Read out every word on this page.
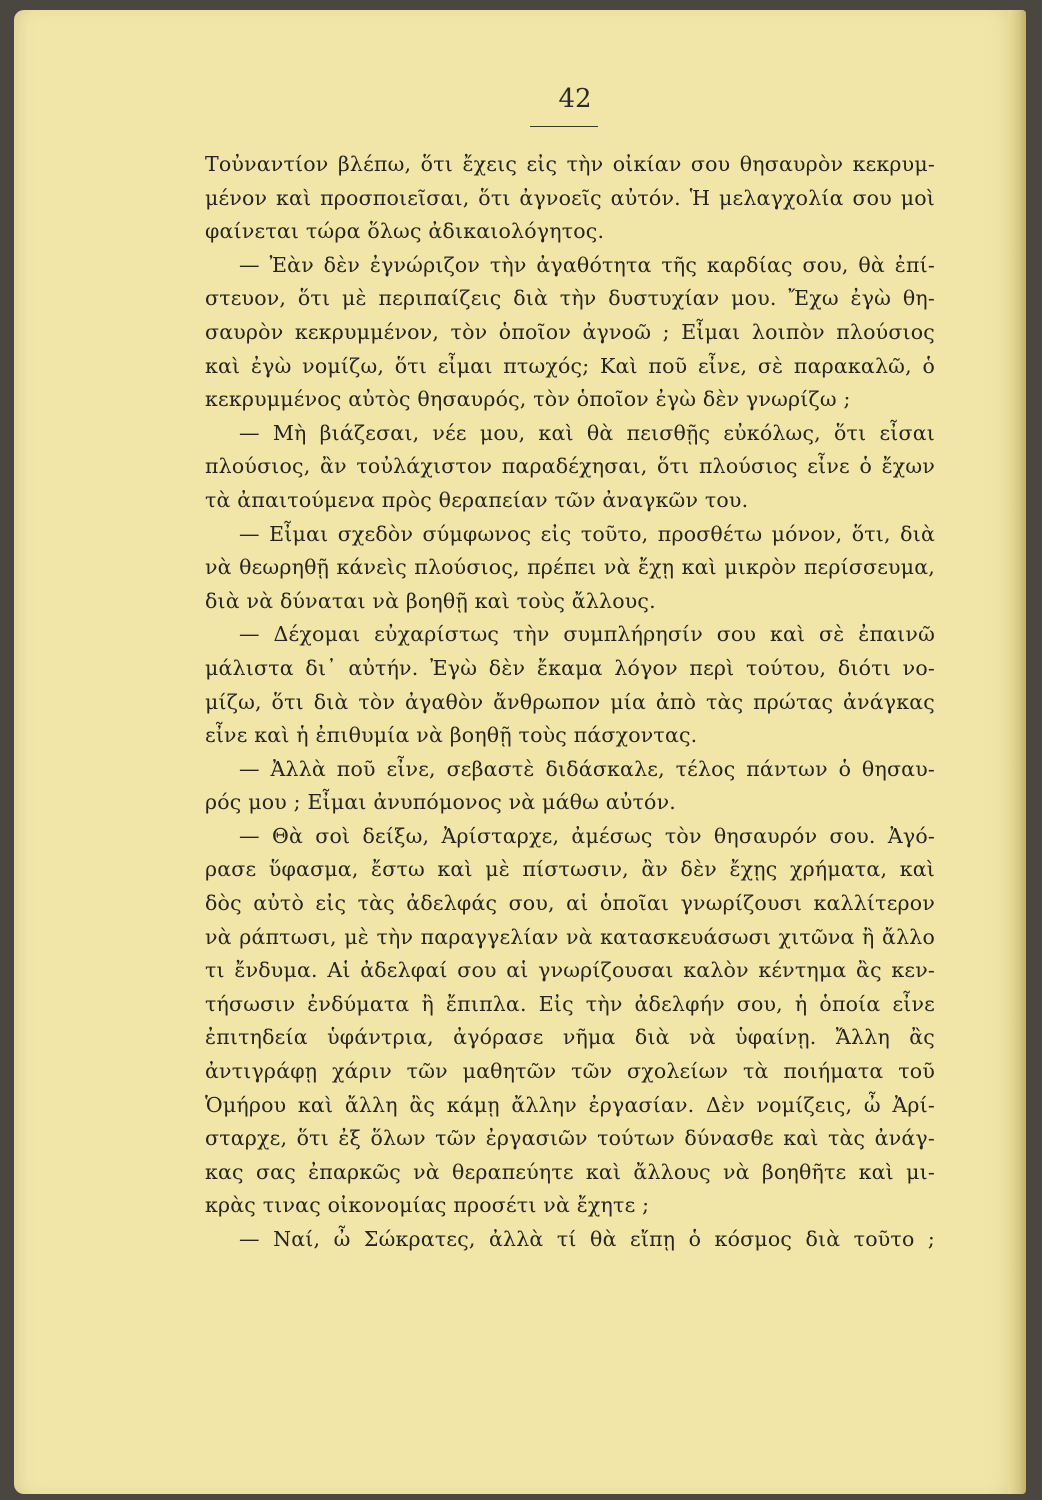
42
Τοὐναντίον βλέπω, ὅτι ἔχεις εἰς τὴν οἰκίαν σου θησαυρὸν κεκρυμ-
μένον καὶ προσποιεῖσαι, ὅτι ἀγνοεῖς αὐτόν. Ἡ μελαγχολία σου μοὶ
φαίνεται τώρα ὅλως ἀδικαιολόγητος.
— Ἐὰν δὲν ἐγνώριζον τὴν ἀγαθότητα τῆς καρδίας σου, θὰ ἐπί-
στευον, ὅτι μὲ περιπαίζεις διὰ τὴν δυστυχίαν μου. Ἔχω ἐγὼ θη-
σαυρὸν κεκρυμμένον, τὸν ὁποῖον ἀγνοῶ ; Εἶμαι λοιπὸν πλούσιος
καὶ ἐγὼ νομίζω, ὅτι εἶμαι πτωχός; Καὶ ποῦ εἶνε, σὲ παρακαλῶ, ὁ
κεκρυμμένος αὐτὸς θησαυρός, τὸν ὁποῖον ἐγὼ δὲν γνωρίζω ;
— Μὴ βιάζεσαι, νέε μου, καὶ θὰ πεισθῇς εὐκόλως, ὅτι εἶσαι
πλούσιος, ἂν τοὐλάχιστον παραδέχησαι, ὅτι πλούσιος εἶνε ὁ ἔχων
τὰ ἀπαιτούμενα πρὸς θεραπείαν τῶν ἀναγκῶν του.
— Εἶμαι σχεδὸν σύμφωνος εἰς τοῦτο, προσθέτω μόνον, ὅτι, διὰ
νὰ θεωρηθῇ κάνεὶς πλούσιος, πρέπει νὰ ἔχῃ καὶ μικρὸν περίσσευμα,
διὰ νὰ δύναται νὰ βοηθῇ καὶ τοὺς ἄλλους.
— Δέχομαι εὐχαρίστως τὴν συμπλήρησίν σου καὶ σὲ ἐπαινῶ
μάλιστα δι᾽ αὐτήν. Ἐγὼ δὲν ἔκαμα λόγον περὶ τούτου, διότι νο-
μίζω, ὅτι διὰ τὸν ἀγαθὸν ἄνθρωπον μία ἀπὸ τὰς πρώτας ἀνάγκας
εἶνε καὶ ἡ ἐπιθυμία νὰ βοηθῇ τοὺς πάσχοντας.
— Ἀλλὰ ποῦ εἶνε, σεβαστὲ διδάσκαλε, τέλος πάντων ὁ θησαυ-
ρός μου ; Εἶμαι ἀνυπόμονος νὰ μάθω αὐτόν.
— Θὰ σοὶ δείξω, Ἀρίσταρχε, ἀμέσως τὸν θησαυρόν σου. Ἀγό-
ρασε ὕφασμα, ἔστω καὶ μὲ πίστωσιν, ἂν δὲν ἔχῃς χρήματα, καὶ
δὸς αὐτὸ εἰς τὰς ἀδελφάς σου, αἱ ὁποῖαι γνωρίζουσι καλλίτερον
νὰ ράπτωσι, μὲ τὴν παραγγελίαν νὰ κατασκευάσωσι χιτῶνα ἢ ἄλλο
τι ἔνδυμα. Αἱ ἀδελφαί σου αἱ γνωρίζουσαι καλὸν κέντημα ἂς κεν-
τήσωσιν ἐνδύματα ἢ ἔπιπλα. Εἰς τὴν ἀδελφήν σου, ἡ ὁποία εἶνε
ἐπιτηδεία ὑφάντρια, ἀγόρασε νῆμα διὰ νὰ ὑφαίνῃ. Ἄλλη ἂς
ἀντιγράφῃ χάριν τῶν μαθητῶν τῶν σχολείων τὰ ποιήματα τοῦ
Ὁμήρου καὶ ἄλλη ἂς κάμῃ ἄλλην ἐργασίαν. Δὲν νομίζεις, ὦ Ἀρί-
σταρχε, ὅτι ἐξ ὅλων τῶν ἐργασιῶν τούτων δύνασθε καὶ τὰς ἀνάγ-
κας σας ἐπαρκῶς νὰ θεραπεύητε καὶ ἄλλους νὰ βοηθῆτε καὶ μι-
κρὰς τινας οἰκονομίας προσέτι νὰ ἔχητε ;
— Ναί, ὦ Σώκρατες, ἀλλὰ τί θὰ εἴπῃ ὁ κόσμος διὰ τοῦτο ;
